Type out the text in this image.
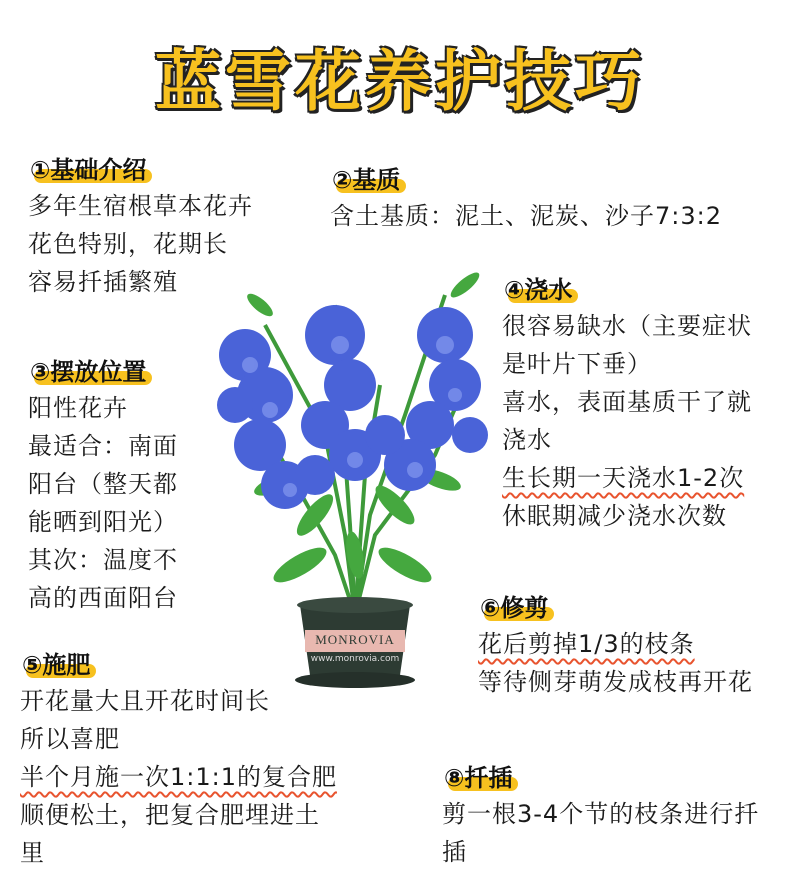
蓝雪花养护技巧
MONROVIA
www.monrovia.com
①基础介绍
多年生宿根草本花卉
花色特别，花期长
容易扦插繁殖
②基质
含土基质：泥土、泥炭、沙子7:3:2
③摆放位置
阳性花卉
最适合：南面
阳台（整天都
能晒到阳光）
其次：温度不
高的西面阳台
④浇水
很容易缺水（主要症状
是叶片下垂）
喜水，表面基质干了就
浇水
生长期一天浇水1-2次
休眠期减少浇水次数
⑤施肥
开花量大且开花时间长
所以喜肥
半个月施一次1:1:1的复合肥
顺便松土，把复合肥埋进土
里
⑥修剪
花后剪掉1/3的枝条
等待侧芽萌发成枝再开花
⑧扦插
剪一根3-4个节的枝条进行扦
插
